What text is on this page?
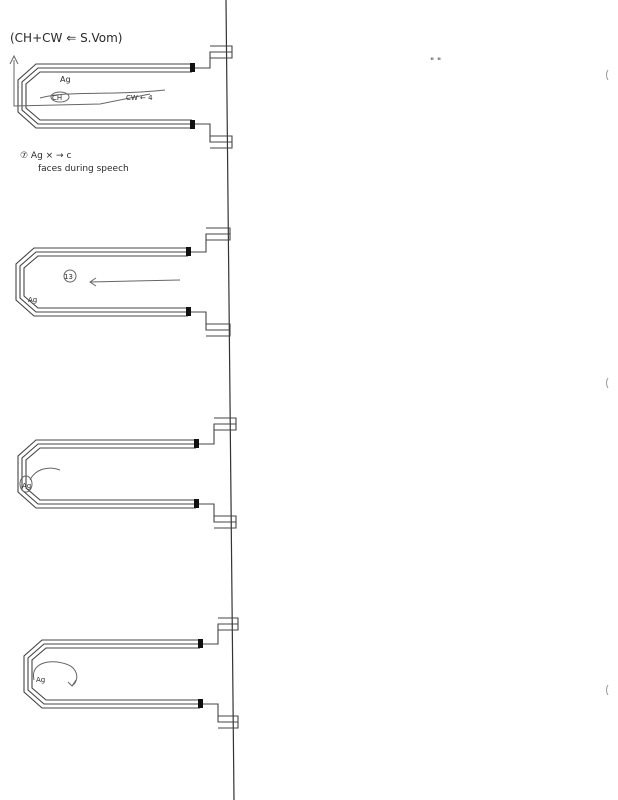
(CH+CW ⇐ S.Vom)
" "
Ag
CH	CW ← 4
⑦ Ag × → c
faces during speech
13
Ag
Ag
Ag
